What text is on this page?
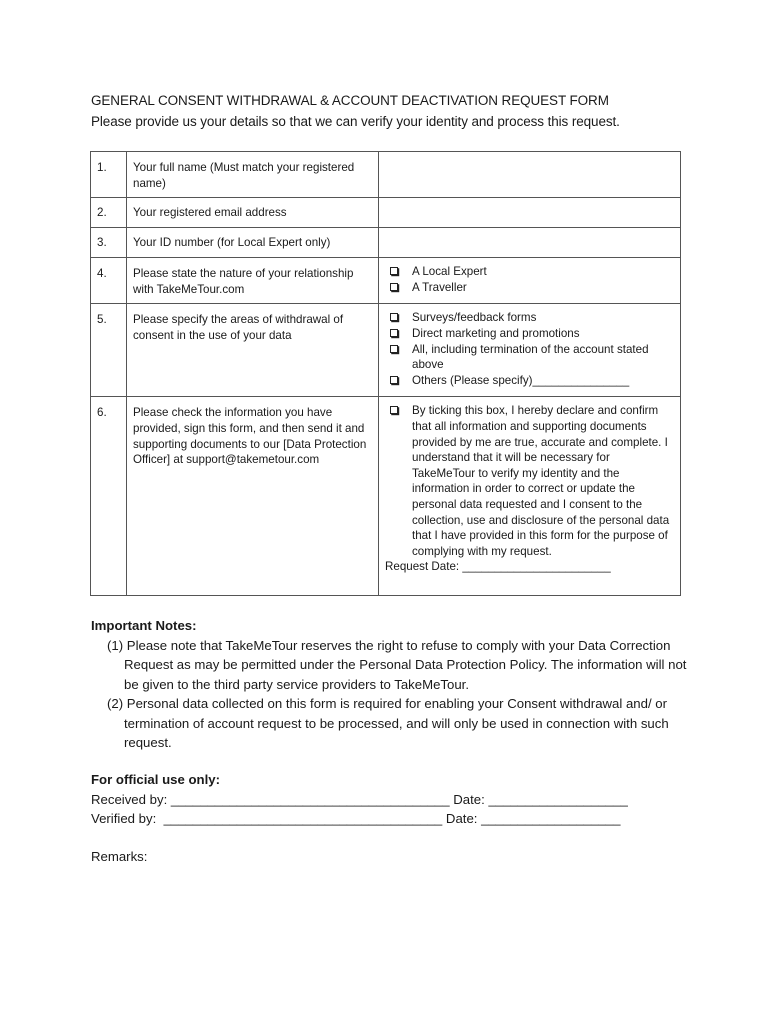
GENERAL CONSENT WITHDRAWAL & ACCOUNT DEACTIVATION REQUEST FORM
Please provide us your details so that we can verify your identity and process this request.
1.	Your full name (Must match your registered name)	
2.	Your registered email address	
3.	Your ID number (for Local Expert only)	
4.	Please state the nature of your relationship with TakeMeTour.com	A Local Expert
A Traveller

5.	Please specify the areas of withdrawal of consent in the use of your data	Surveys/feedback forms
Direct marketing and promotions
All, including termination of the account stated above
Others (Please specify)_______________

6.	Please check the information you have provided, sign this form, and then send it and supporting documents to our [Data Protection Officer] at support@takemetour.com	By ticking this box, I hereby declare and confirm that all information and supporting documents provided by me are true, accurate and complete. I understand that it will be necessary for TakeMeTour to verify my identity and the information in order to correct or update the personal data requested and I consent to the collection, use and disclosure of the personal data that I have provided in this form for the purpose of complying with my request.
Request Date: _______________________
Important Notes:
(1) Please note that TakeMeTour reserves the right to refuse to comply with your Data Correction Request as may be permitted under the Personal Data Protection Policy. The information will not be given to the third party service providers to TakeMeTour.
(2) Personal data collected on this form is required for enabling your Consent withdrawal and/ or termination of account request to be processed, and will only be used in connection with such request.
For official use only:
Received by: ______________________________________ Date: ___________________
Verified by:  ______________________________________ Date: ___________________
Remarks:
